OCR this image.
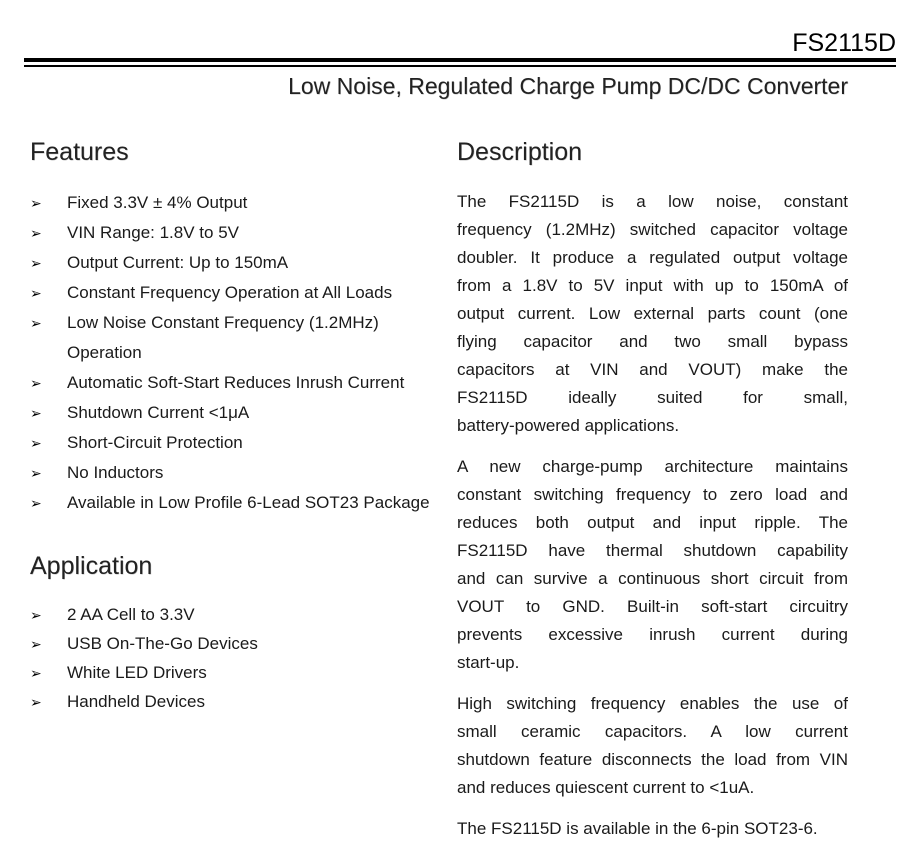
FS2115D
Low Noise, Regulated Charge Pump DC/DC Converter
Features
➢ Fixed 3.3V ± 4% Output
➢ VIN Range: 1.8V to 5V
➢ Output Current: Up to 150mA
➢ Constant Frequency Operation at All Loads
➢ Low Noise Constant Frequency (1.2MHz) Operation
➢ Automatic Soft-Start Reduces Inrush Current
➢ Shutdown Current <1μA
➢ Short-Circuit Protection
➢ No Inductors
➢ Available in Low Profile 6-Lead SOT23 Package
Application
➢ 2 AA Cell to 3.3V
➢ USB On-The-Go Devices
➢ White LED Drivers
➢ Handheld Devices
Description
The FS2115D is a low noise, constant
frequency (1.2MHz) switched capacitor voltage
doubler. It produce a regulated output voltage
from a 1.8V to 5V input with up to 150mA of
output current. Low external parts count (one
flying capacitor and two small bypass
capacitors at VIN and VOUT) make the
FS2115D ideally suited for small,
battery-powered applications.
A new charge-pump architecture maintains
constant switching frequency to zero load and
reduces both output and input ripple. The
FS2115D have thermal shutdown capability
and can survive a continuous short circuit from
VOUT to GND. Built-in soft-start circuitry
prevents excessive inrush current during
start-up.
High switching frequency enables the use of
small ceramic capacitors. A low current
shutdown feature disconnects the load from VIN
and reduces quiescent current to <1uA.
The FS2115D is available in the 6-pin SOT23-6.
